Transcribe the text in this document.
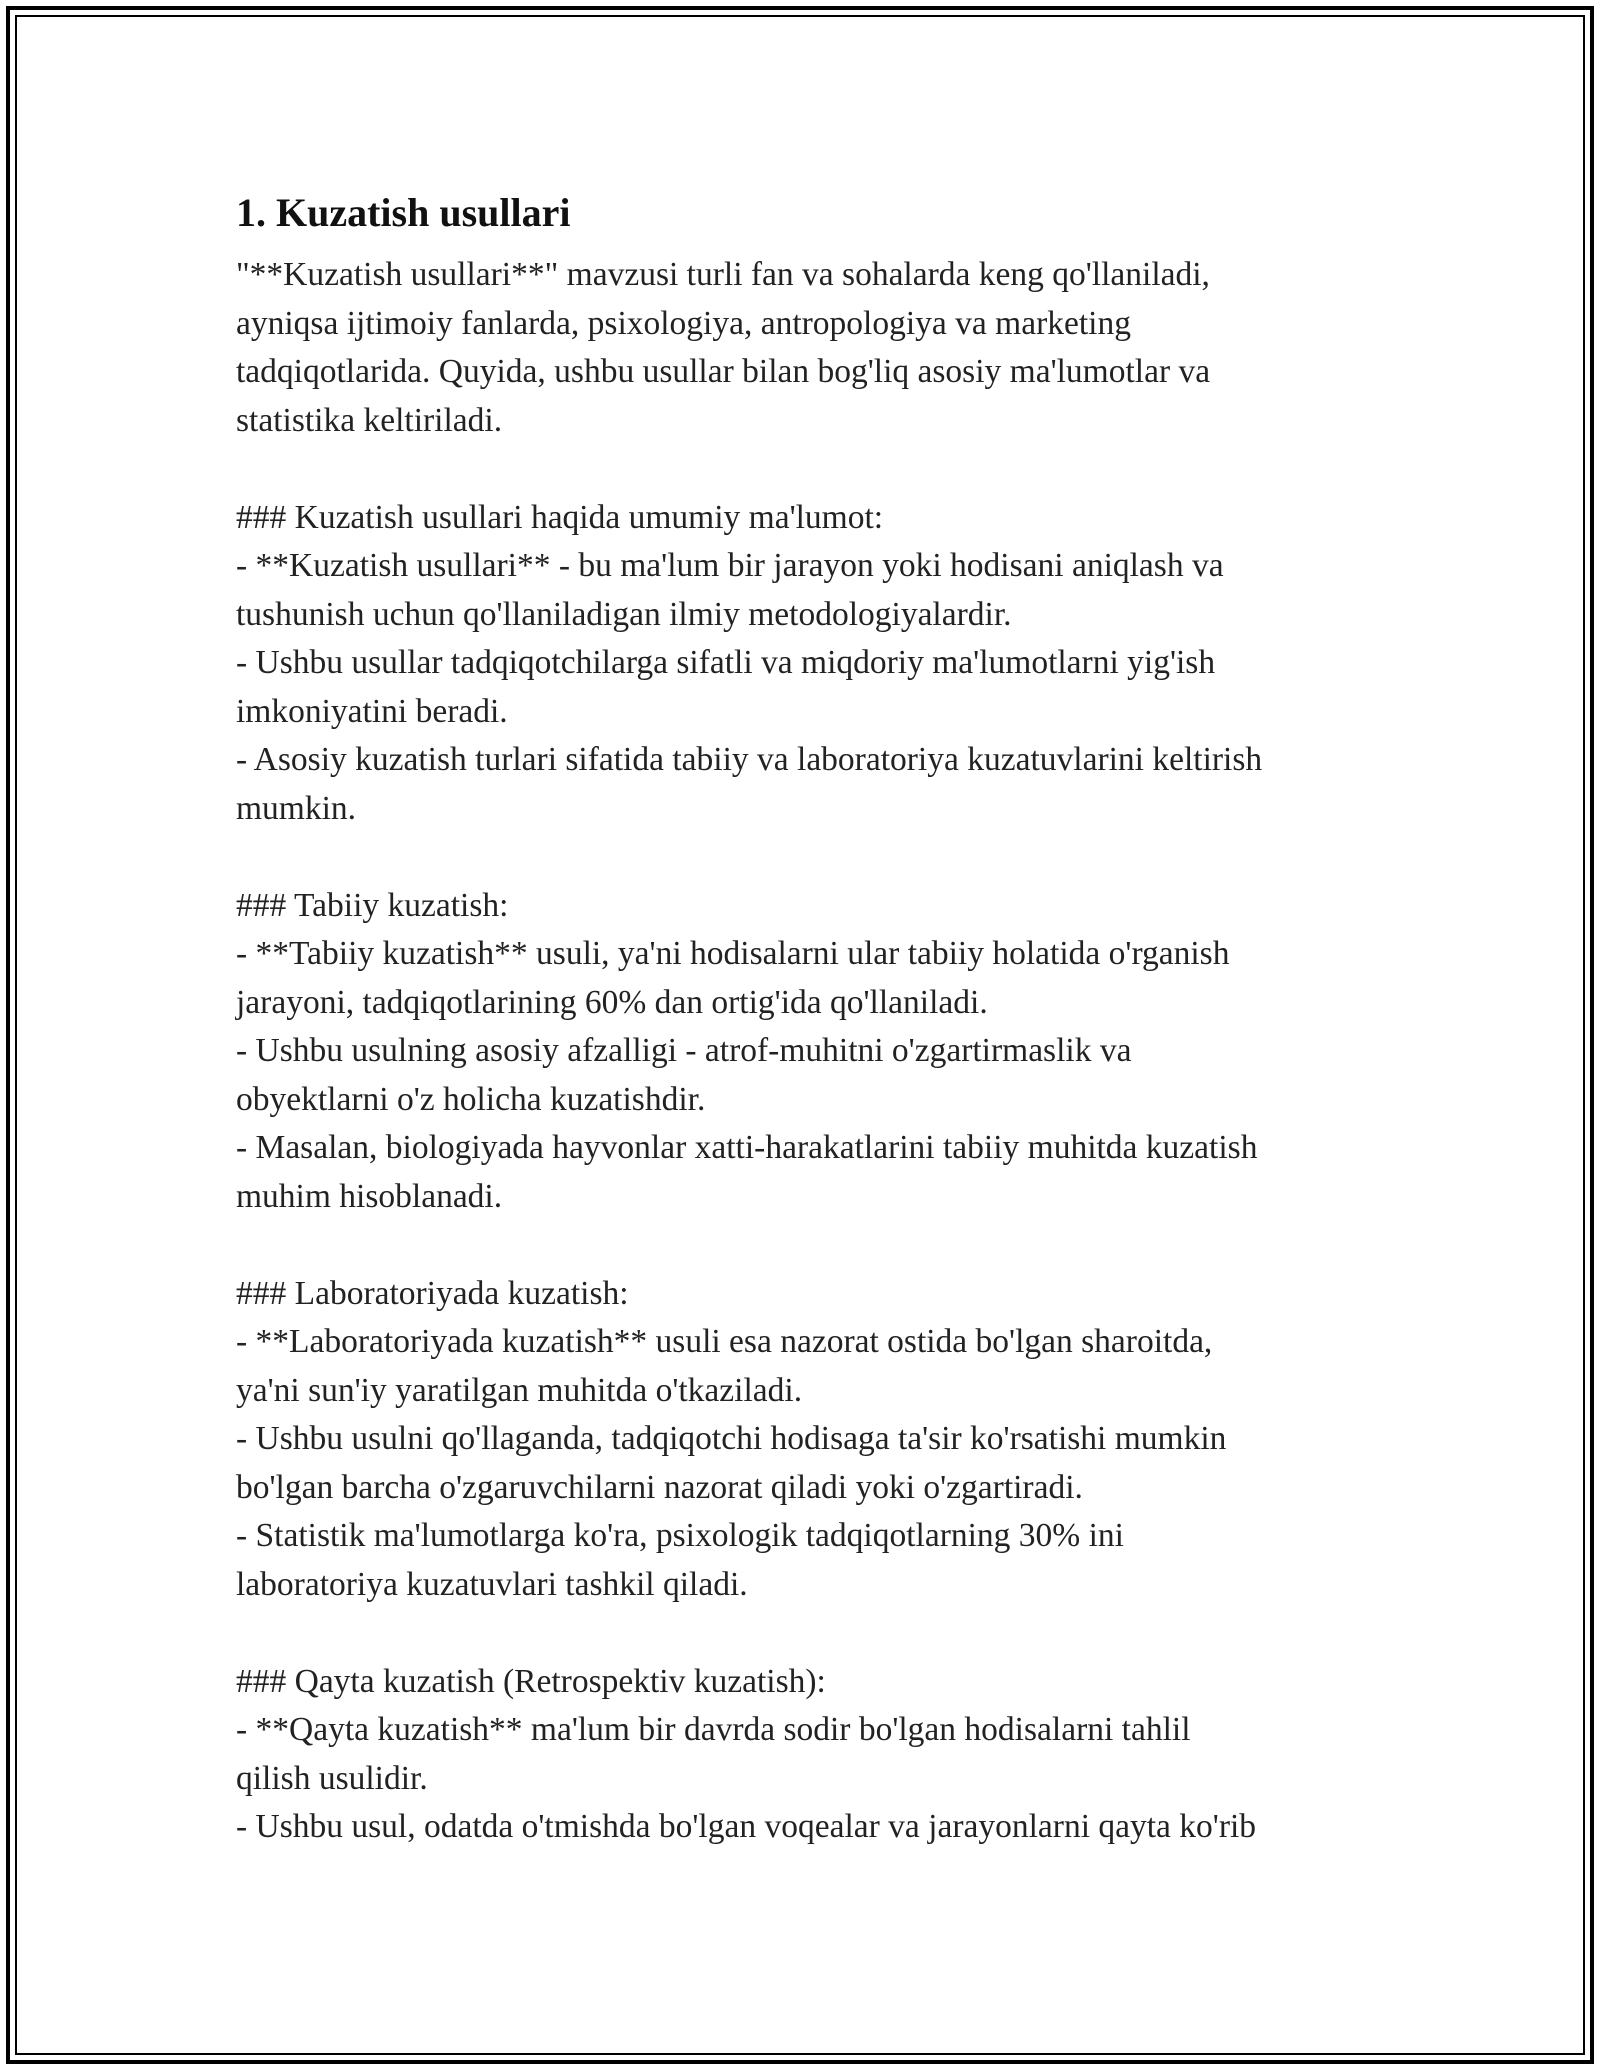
1. Kuzatish usullari

"**Kuzatish usullari**" mavzusi turli fan va sohalarda keng qo'llaniladi,
ayniqsa ijtimoiy fanlarda, psixologiya, antropologiya va marketing
tadqiqotlarida. Quyida, ushbu usullar bilan bog'liq asosiy ma'lumotlar va
statistika keltiriladi.

### Kuzatish usullari haqida umumiy ma'lumot:
- **Kuzatish usullari** - bu ma'lum bir jarayon yoki hodisani aniqlash va
tushunish uchun qo'llaniladigan ilmiy metodologiyalardir.
- Ushbu usullar tadqiqotchilarga sifatli va miqdoriy ma'lumotlarni yig'ish
imkoniyatini beradi.
- Asosiy kuzatish turlari sifatida tabiiy va laboratoriya kuzatuvlarini keltirish
mumkin.
### Tabiiy kuzatish:
- **Tabiiy kuzatish** usuli, ya'ni hodisalarni ular tabiiy holatida o'rganish
jarayoni, tadqiqotlarining 60% dan ortig'ida qo'llaniladi.
- Ushbu usulning asosiy afzalligi - atrof-muhitni o'zgartirmaslik va
obyektlarni o'z holicha kuzatishdir.
- Masalan, biologiyada hayvonlar xatti-harakatlarini tabiiy muhitda kuzatish
muhim hisoblanadi.
### Laboratoriyada kuzatish:
- **Laboratoriyada kuzatish** usuli esa nazorat ostida bo'lgan sharoitda,
ya'ni sun'iy yaratilgan muhitda o'tkaziladi.
- Ushbu usulni qo'llaganda, tadqiqotchi hodisaga ta'sir ko'rsatishi mumkin
bo'lgan barcha o'zgaruvchilarni nazorat qiladi yoki o'zgartiradi.
- Statistik ma'lumotlarga ko'ra, psixologik tadqiqotlarning 30% ini
laboratoriya kuzatuvlari tashkil qiladi.
### Qayta kuzatish (Retrospektiv kuzatish):
- **Qayta kuzatish** ma'lum bir davrda sodir bo'lgan hodisalarni tahlil
qilish usulidir.
- Ushbu usul, odatda o'tmishda bo'lgan voqealar va jarayonlarni qayta ko'rib
